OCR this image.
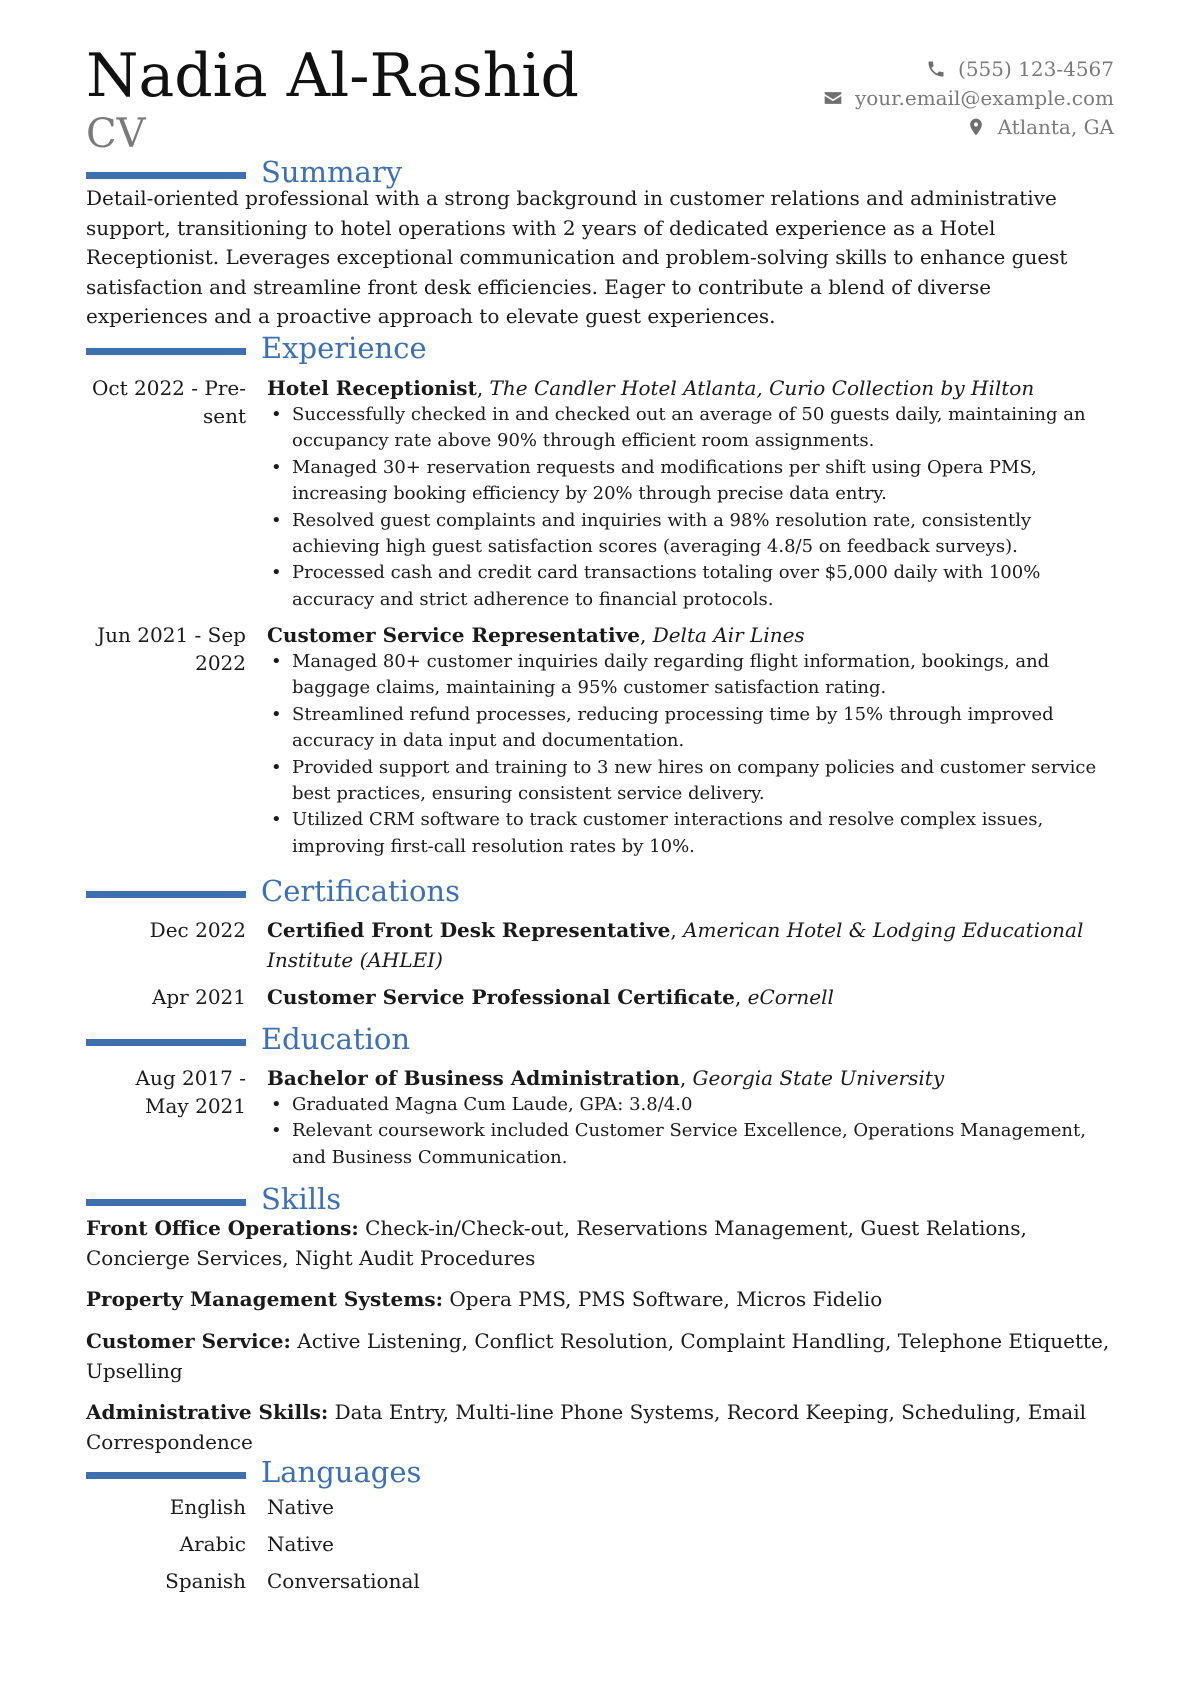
Nadia Al-Rashid
CV
(555) 123-4567
your.email@example.com
Atlanta, GA
Summary
Detail-oriented professional with a strong background in customer relations and administrative support, transitioning to hotel operations with 2 years of dedicated experience as a Hotel Receptionist. Leverages exceptional communication and problem-solving skills to enhance guest satisfaction and streamline front desk efficiencies. Eager to contribute a blend of diverse experiences and a proactive approach to elevate guest experiences.
Experience
Oct 2022 - Pre-
sent
Hotel Receptionist, The Candler Hotel Atlanta, Curio Collection by Hilton
• Successfully checked in and checked out an average of 50 guests daily, maintaining an occupancy rate above 90% through efficient room assignments.
• Managed 30+ reservation requests and modifications per shift using Opera PMS, increasing booking efficiency by 20% through precise data entry.
• Resolved guest complaints and inquiries with a 98% resolution rate, consistently achieving high guest satisfaction scores (averaging 4.8/5 on feedback surveys).
• Processed cash and credit card transactions totaling over $5,000 daily with 100% accuracy and strict adherence to financial protocols.
Jun 2021 - Sep
2022
Customer Service Representative, Delta Air Lines
• Managed 80+ customer inquiries daily regarding flight information, bookings, and baggage claims, maintaining a 95% customer satisfaction rating.
• Streamlined refund processes, reducing processing time by 15% through improved accuracy in data input and documentation.
• Provided support and training to 3 new hires on company policies and customer service best practices, ensuring consistent service delivery.
• Utilized CRM software to track customer interactions and resolve complex issues, improving first-call resolution rates by 10%.
Certifications
Dec 2022 Certified Front Desk Representative, American Hotel & Lodging Educational Institute (AHLEI)
Apr 2021 Customer Service Professional Certificate, eCornell
Education
Aug 2017 -
May 2021
Bachelor of Business Administration, Georgia State University
• Graduated Magna Cum Laude, GPA: 3.8/4.0
• Relevant coursework included Customer Service Excellence, Operations Management, and Business Communication.
Skills
Front Office Operations: Check-in/Check-out, Reservations Management, Guest Relations, Concierge Services, Night Audit Procedures
Property Management Systems: Opera PMS, PMS Software, Micros Fidelio
Customer Service: Active Listening, Conflict Resolution, Complaint Handling, Telephone Etiquette, Upselling
Administrative Skills: Data Entry, Multi-line Phone Systems, Record Keeping, Scheduling, Email Correspondence
Languages
English Native
Arabic Native
Spanish Conversational
